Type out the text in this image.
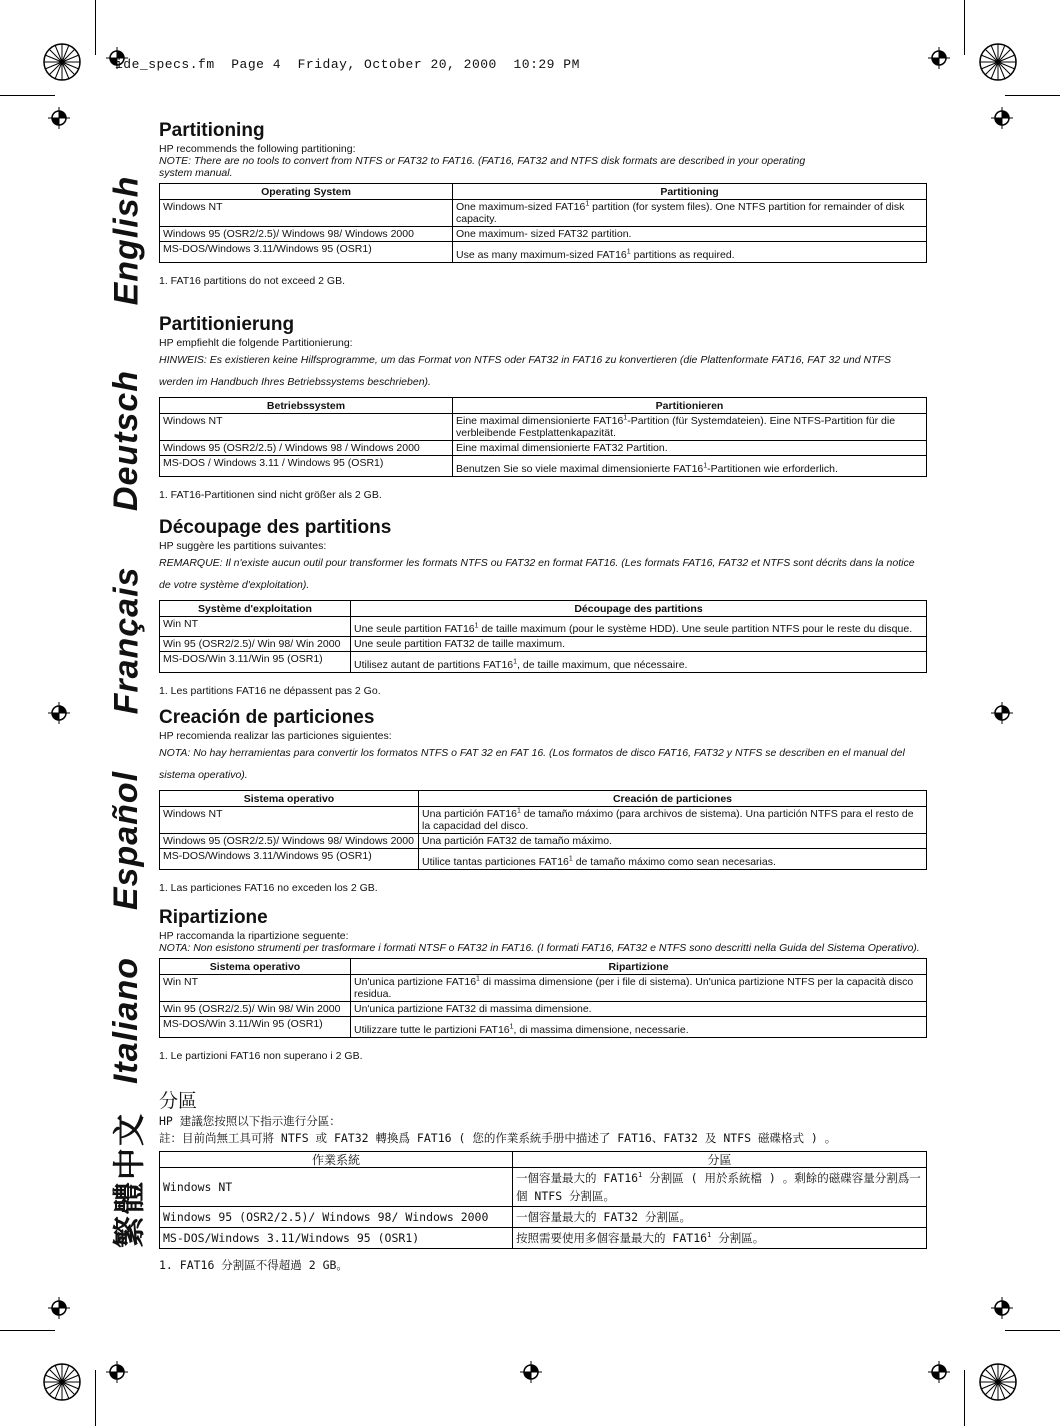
ide_specs.fm  Page 4  Friday, October 20, 2000  10:29 PM
English
Deutsch
Français
Español
Italiano
繁體中文
Partitioning

HP recommends the following partitioning:

NOTE: There are no tools to convert from NTFS or FAT32 to FAT16. (FAT16, FAT32 and NTFS disk formats are described in your operating system manual.

Operating System	Partitioning
Windows NT	One maximum-sized $FAT16^1$ partition (for system files). One NTFS partition for remainder of disk capacity.
Windows 95 (OSR2/2.5)/ Windows 98/ Windows 2000	One maximum- sized FAT32 partition.
MS-DOS/Windows 3.11/Windows 95 (OSR1)	Use as many maximum-sized $FAT16^1$ partitions as required.
1. FAT16 partitions do not exceed 2 GB.
Partitionierung

HP empfiehlt die folgende Partitionierung:

HINWEIS: Es existieren keine Hilfsprogramme, um das Format von NTFS oder FAT32 in FAT16 zu konvertieren (die Plattenformate FAT16, FAT 32 und NTFS werden im Handbuch Ihres Betriebssystems beschrieben).

Betriebssystem	Partitionieren
Windows NT	Eine maximal dimensionierte $FAT16^1$-Partition (für Systemdateien). Eine NTFS-Partition für die verbleibende Festplattenkapazität.
Windows 95 (OSR2/2.5) / Windows 98 / Windows 2000	Eine maximal dimensionierte FAT32 Partition.
MS-DOS / Windows 3.11 / Windows 95 (OSR1)	Benutzen Sie so viele maximal dimensionierte $FAT16^1$-Partitionen wie erforderlich.
1. FAT16-Partitionen sind nicht größer als 2 GB.
Découpage des partitions

HP suggère les partitions suivantes:

REMARQUE: Il n'existe aucun outil pour transformer les formats NTFS ou FAT32 en format FAT16. (Les formats FAT16, FAT32 et NTFS sont décrits dans la notice de votre système d'exploitation).

Système d'exploitation	Découpage des partitions
Win NT	Une seule partition $FAT16^1$ de taille maximum (pour le système HDD). Une seule partition NTFS pour le reste du disque.
Win 95 (OSR2/2.5)/ Win 98/ Win 2000	Une seule partition FAT32 de taille maximum.
MS-DOS/Win 3.11/Win 95 (OSR1)	Utilisez autant de partitions $FAT16^1$, de taille maximum, que nécessaire.
1. Les partitions FAT16 ne dépassent pas 2 Go.
Creación de particiones

HP recomienda realizar las particiones siguientes:

NOTA: No hay herramientas para convertir los formatos NTFS o FAT 32 en FAT 16. (Los formatos de disco FAT16, FAT32 y NTFS se describen en el manual del sistema operativo).

Sistema operativo	Creación de particiones
Windows NT	Una partición $FAT16^1$ de tamaño máximo (para archivos de sistema). Una partición NTFS para el resto de la capacidad del disco.
Windows 95 (OSR2/2.5)/ Windows 98/ Windows 2000	Una partición FAT32 de tamaño máximo.
MS-DOS/Windows 3.11/Windows 95 (OSR1)	Utilice tantas particiones $FAT16^1$ de tamaño máximo como sean necesarias.
1. Las particiones FAT16 no exceden los 2 GB.
Ripartizione

HP raccomanda la ripartizione seguente:

NOTA: Non esistono strumenti per trasformare i formati NTSF o FAT32 in FAT16. (I formati FAT16, FAT32 e NTFS sono descritti nella Guida del Sistema Operativo).

Sistema operativo	Ripartizione
Win NT	Un'unica partizione $FAT16^1$ di massima dimensione (per i file di sistema). Un'unica partizione NTFS per la capacità disco residua.
Win 95 (OSR2/2.5)/ Win 98/ Win 2000	Un'unica partizione FAT32 di massima dimensione.
MS-DOS/Win 3.11/Win 95 (OSR1)	Utilizzare tutte le partizioni $FAT16^1$, di massima dimensione, necessarie.
1. Le partizioni FAT16 non superano i 2 GB.
分區

HP 建議您按照以下指示進行分區：

註：目前尚無工具可將 NTFS 或 FAT32 轉換爲 FAT16 ( 您的作業系統手册中描述了 FAT16、FAT32 及 NTFS 磁碟格式 ) 。

作業系統	分區
Windows NT	一個容量最大的 $FAT16^1$ 分割區 ( 用於系統檔 ) 。剩餘的磁碟容量分割爲一個 NTFS 分割區。
Windows 95 (OSR2/2.5)/ Windows 98/ Windows 2000	一個容量最大的 FAT32 分割區。
MS-DOS/Windows 3.11/Windows 95 (OSR1)	按照需要使用多個容量最大的 $FAT16^1$ 分割區。
1. FAT16 分割區不得超過 2 GB。
